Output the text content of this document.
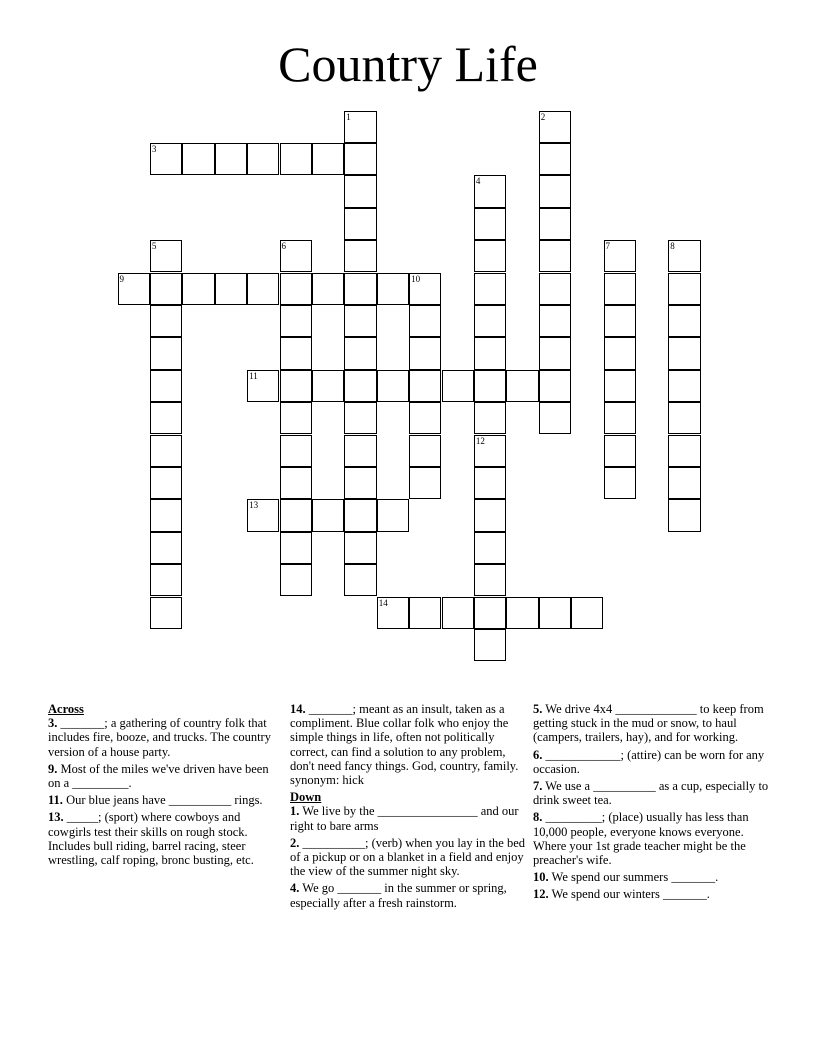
Country Life
1	2
3
4
12
5	6	7	8
9	10
11
13
14

Across

3. _______; a gathering of country folk that includes fire, booze, and trucks. The country version of a house party.

9. Most of the miles we've driven have been on a _________.

11. Our blue jeans have __________ rings.

13. _____; (sport) where cowboys and cowgirls test their skills on rough stock. Includes bull riding, barrel racing, steer wrestling, calf roping, bronc busting, etc.

14. _______; meant as an insult, taken as a compliment. Blue collar folk who enjoy the simple things in life, often not politically correct, can find a solution to any problem, don't need fancy things. God, country, family. synonym: hick

Down

1. We live by the ________________ and our right to bare arms

2. __________; (verb) when you lay in the bed of a pickup or on a blanket in a field and enjoy the view of the summer night sky.

4. We go _______ in the summer or spring, especially after a fresh rainstorm.

5. We drive 4x4 _____________ to keep from getting stuck in the mud or snow, to haul (campers, trailers, hay), and for working.

6. ____________; (attire) can be worn for any occasion.

7. We use a __________ as a cup, especially to drink sweet tea.

8. _________; (place) usually has less than 10,000 people, everyone knows everyone. Where your 1st grade teacher might be the preacher's wife.

10. We spend our summers _______.

12. We spend our winters _______.
